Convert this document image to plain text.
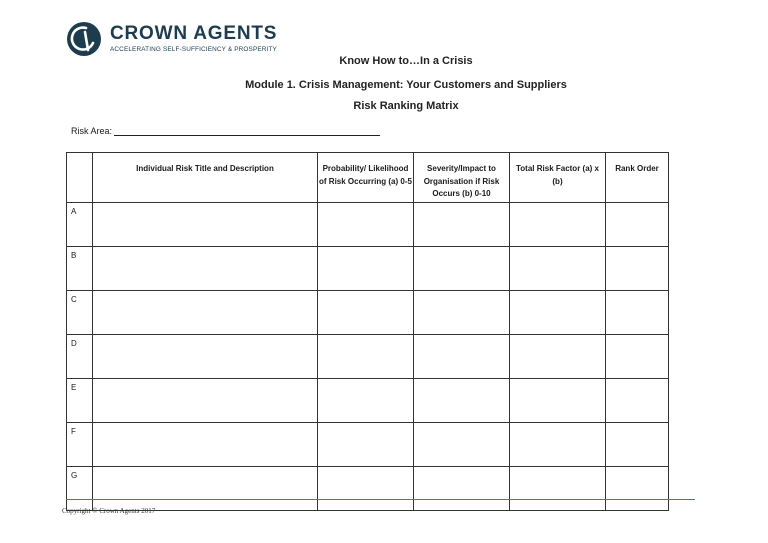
CROWN AGENTS
ACCELERATING SELF-SUFFICIENCY & PROSPERITY
Know How to…In a Crisis
Module 1. Crisis Management: Your Customers and Suppliers
Risk Ranking Matrix
Risk Area:
	Individual Risk Title and Description	Probability/ Likelihood of Risk Occurring (a) 0-5	Severity/Impact to Organisation if Risk Occurs (b) 0-10	Total Risk Factor (a) x (b)	Rank Order
A					
B					
C					
D					
E					
F					
G					
Copyright © Crown Agents 2017
